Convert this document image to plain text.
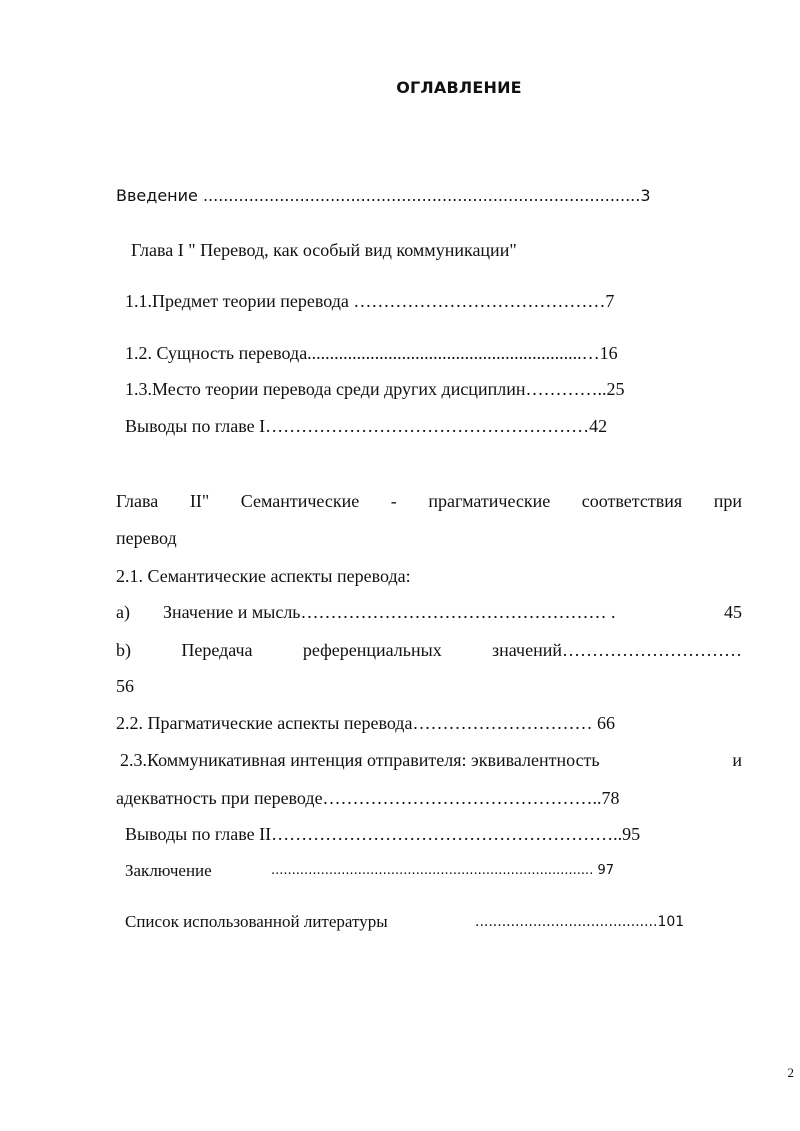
ОГЛАВЛЕНИЕ
Введение ......................................................................................3
Глава I " Перевод, как особый вид коммуникации"
1.1.Предмет теории перевода ……………………………………7
1.2. Сущность перевода.............................................................…16
1.3.Место теории перевода среди других дисциплин…………..25
Выводы по главе I………………………………………………42
Глава II" Семантические - прагматические соответствия при
перевод
2.1. Семантические аспекты перевода:
a) Значение и мысль…………………………………………… .	45
b)	Передача	референциальных	значений…………………………
56
2.2. Прагматические аспекты перевода………………………… 66
2.3.Коммуникативная интенция отправителя: эквивалентность	и
адекватность при переводе………………………………………..78
Выводы по главе II…………………………………………………..95
Заключение	.............................................................................. 97
Список использованной литературы	.........................................101
2
